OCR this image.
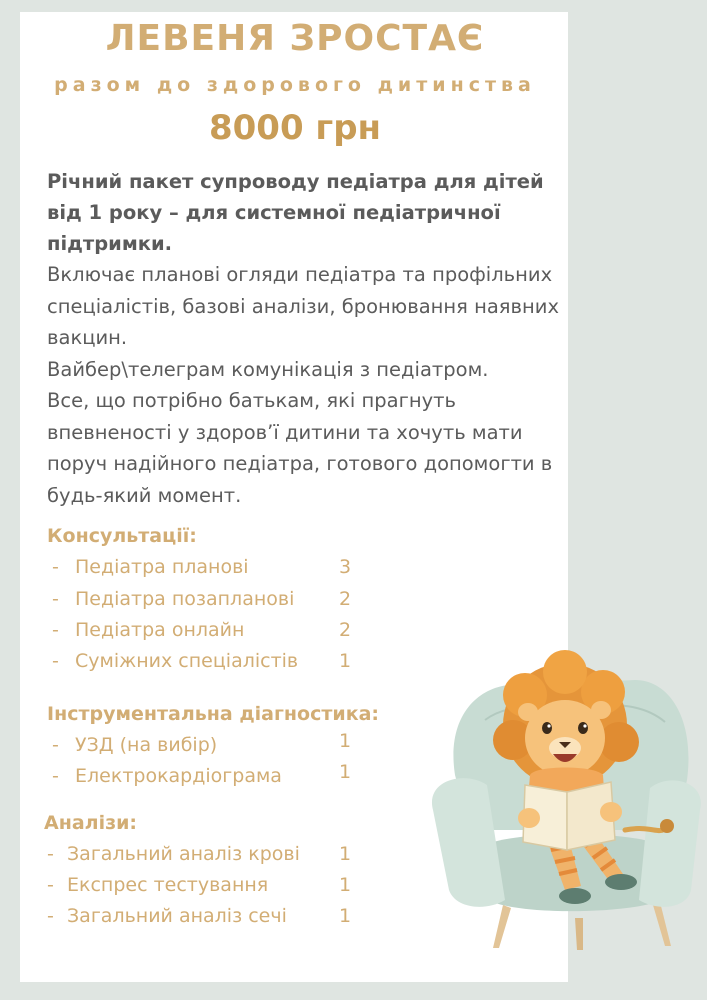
ЛЕВЕНЯ ЗРОСТАЄ
разом до здорового дитинства
8000 грн
Річний пакет супроводу педіатра для дітей від 1 року – для системної педіатричної підтримки.

Включає планові огляди педіатра та профільних спеціалістів, базові аналізи, бронювання наявних вакцин.

Вайбер\телеграм комунікація з педіатром.

Все, що потрібно батькам, які прагнуть впевненості у здоров’ї дитини та хочуть мати поруч надійного педіатра, готового допомогти в будь-який момент.

Консультації:
- Педіатра планові	3
- Педіатра позапланові 2
- Педіатра онлайн	2
- Суміжних спеціалістів 1
Інструментальна діагностика:
- УЗД (на вибір)	1
- Електрокардіограма	1
Аналізи:
- Загальний аналіз крові 1
- Експрес тестування	1
- Загальний аналіз сечі	1
